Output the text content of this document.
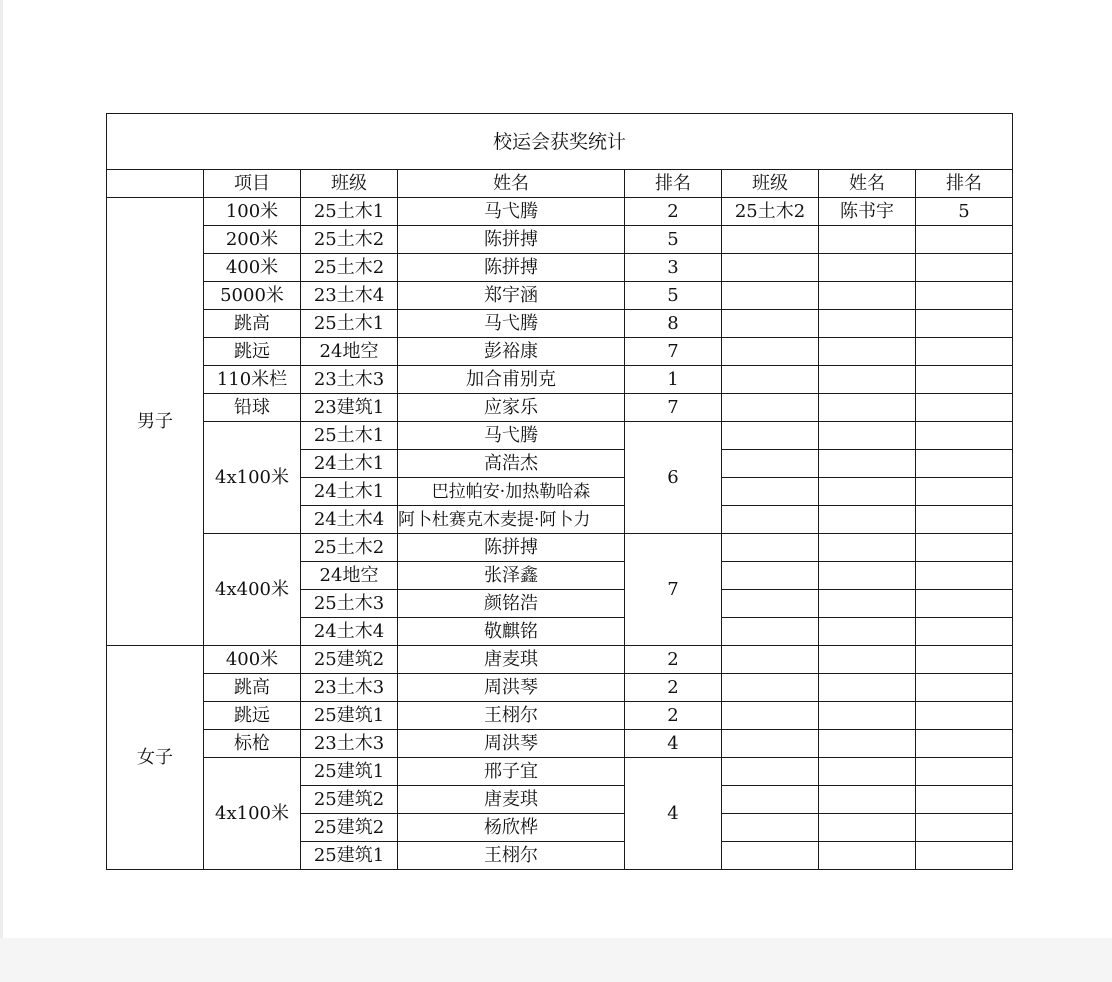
校运会获奖统计							
	项目	班级	姓名	排名	班级	姓名	排名
男子	100米	25土木1	马弋腾	2	25土木2	陈书宇	5
	200米	25土木2	陈拼搏	5			
	400米	25土木2	陈拼搏	3			
	5000米	23土木4	郑宇涵	5			
	跳高	25土木1	马弋腾	8			
	跳远	24地空	彭裕康	7			
	110米栏	23土木3	加合甫别克	1			
	铅球	23建筑1	应家乐	7			
	4x100米	25土木1	马弋腾	6			
		24土木1	高浩杰				
		24土木1	巴拉帕安·加热勒哈森				
		24土木4	阿卜杜赛克木麦提·阿卜力				
	4x400米	25土木2	陈拼搏	7			
		24地空	张泽鑫				
		25土木3	颜铭浩				
		24土木4	敬麒铭				
女子	400米	25建筑2	唐麦琪	2			
	跳高	23土木3	周洪琴	2			
	跳远	25建筑1	王栩尔	2			
	标枪	23土木3	周洪琴	4			
	4x100米	25建筑1	邢子宜	4			
		25建筑2	唐麦琪				
		25建筑2	杨欣桦				
		25建筑1	王栩尔				
